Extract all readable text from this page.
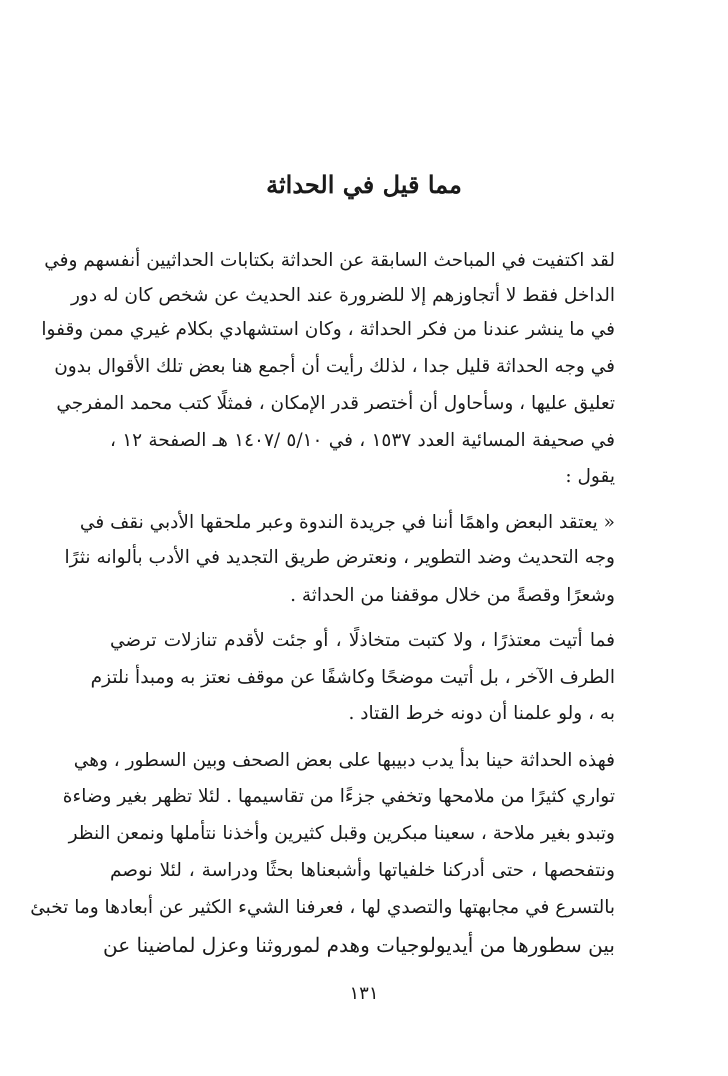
مما قيل في الحداثة
لقد اكتفيت في المباحث السابقة عن الحداثة بكتابات الحداثيين أنفسهم وفي
الداخل فقط لا أتجاوزهم إلا للضرورة عند الحديث عن شخص كان له دور
في ما ينشر عندنا من فكر الحداثة ، وكان استشهادي بكلام غيري ممن وقفوا
في وجه الحداثة قليل جدا ، لذلك رأيت أن أجمع هنا بعض تلك الأقوال بدون
تعليق عليها ، وسأحاول أن أختصر قدر الإمكان ، فمثلًا كتب محمد المفرجي
في صحيفة المسائية العدد ١٥٣٧ ، في ٥/١٠ /١٤٠٧ هـ الصفحة ١٢ ،
يقول :
« يعتقد البعض واهمًا أننا في جريدة الندوة وعبر ملحقها الأدبي نقف في
وجه التحديث وضد التطوير ، ونعترض طريق التجديد في الأدب بألوانه نثرًا
وشعرًا وقصةً من خلال موقفنا من الحداثة .
فما أتيت معتذرًا ، ولا كتبت متخاذلًا ، أو جئت لأقدم تنازلات ترضي
الطرف الآخر ، بل أتيت موضحًا وكاشفًا عن موقف نعتز به ومبدأ نلتزم
به ، ولو علمنا أن دونه خرط القتاد .
فهذه الحداثة حينا بدأ يدب دبيبها على بعض الصحف وبين السطور ، وهي
تواري كثيرًا من ملامحها وتخفي جزءًا من تقاسيمها . لئلا تظهر بغير وضاءة
وتبدو بغير ملاحة ، سعينا مبكرين وقبل كثيرين وأخذنا نتأملها ونمعن النظر
ونتفحصها ، حتى أدركنا خلفياتها وأشبعناها بحثًا ودراسة ، لئلا نوصم
بالتسرع في مجابهتها والتصدي لها ، فعرفنا الشيء الكثير عن أبعادها وما تخبئ
بين سطورها من أيديولوجيات وهدم لموروثنا وعزل لماضينا عن
١٣١
